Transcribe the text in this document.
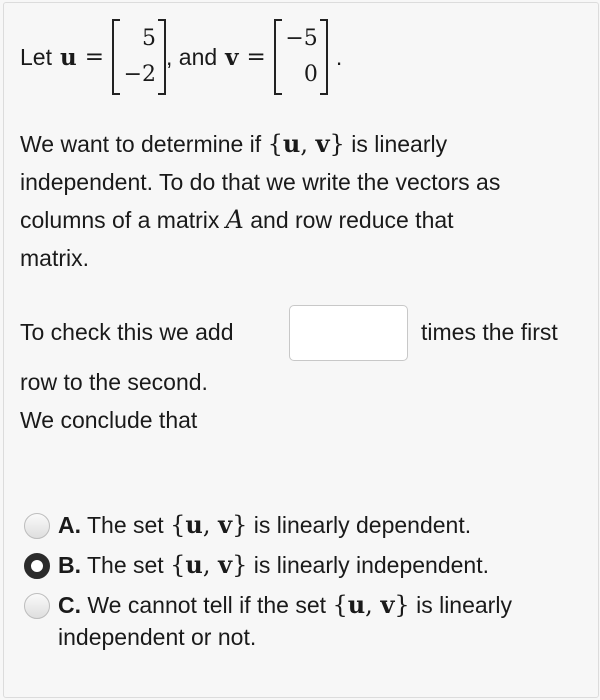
Let u =
5
−2
, and v =
−5
0
.
We want to determine if {u, v} is linearly
independent. To do that we write the vectors as
columns of a matrix A and row reduce that
matrix.
To check this we add	times the first
row to the second.
We conclude that
A. The set {u, v} is linearly dependent.
B. The set {u, v} is linearly independent.
C. We cannot tell if the set {u, v} is linearly
independent or not.
